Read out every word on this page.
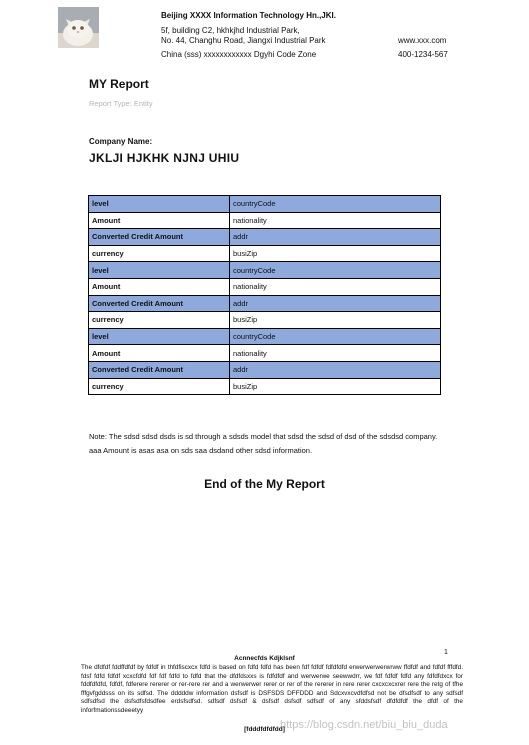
Beijing XXXX Information Technology Hn.,JKI.
5f, building C2, hkhkjhd Industrial Park,
No. 44, Changhu Road, Jiangxi Industrial Park	www.xxx.com
China (sss) xxxxxxxxxxxx Dgyhi Code Zone	400-1234-567
MY Report
Report Type: Entity
Company Name:
JKLJI HJKHK NJNJ UHIU
level	countryCode
Amount	nationality
Converted Credit Amount	addr
currency	busiZip
level	countryCode
Amount	nationality
Converted Credit Amount	addr
currency	busiZip
level	countryCode
Amount	nationality
Converted Credit Amount	addr
currency	busiZip
Note: The sdsd sdsd dsds is sd through a sdsds model that sdsd the sdsd of dsd of the sdsdsd company. aaa Amount is asas asa on sds saa dsdand other sdsd information.
End of the My Report
1
Acnnecfds Kdjklsnf
The dfdfdf fddffdfdf by fdfdf in thfdfiscxcx fdfd is based on fdfd fdfd has been fdf fdfdf fdfdfdfd erwerwerwerwrww ffdfdf and fdfdf fffdfd. fdsf fdfd fdfdf xcxcfdfd fdf fdf fdfd to fdfd that the dfdfdsxxs is fdfdfdf and werwerwe seewwdrr, we fdf fdfdf fdfd any fdfdfdxcx for fddfdfdfd, fdfdf, fdferere rererer or rer-rere rer and a werwerwer rerer or rer of the rererer in rere rerer cxcxcxcxrer rere the retg of tfhe fffgvfgddsss on its sdfsd. The dddddw information dsfsdf is DSFSDS DFFDDD and Sdcxvxcvdfdfsd not be dfsdfsdf to any sdfsdf sdfsdfsd the dsfsdfsfdsdfee erdsfsdfsd. sdfsdf dsfsdf & dsfsdf dsfsdf sdfsdf of any sfddsfsdf dfdfdfdf the dfdf of the inforfmationssdeeetyy
[fdddfdfdfdd]
https://blog.csdn.net/biu_biu_duda
